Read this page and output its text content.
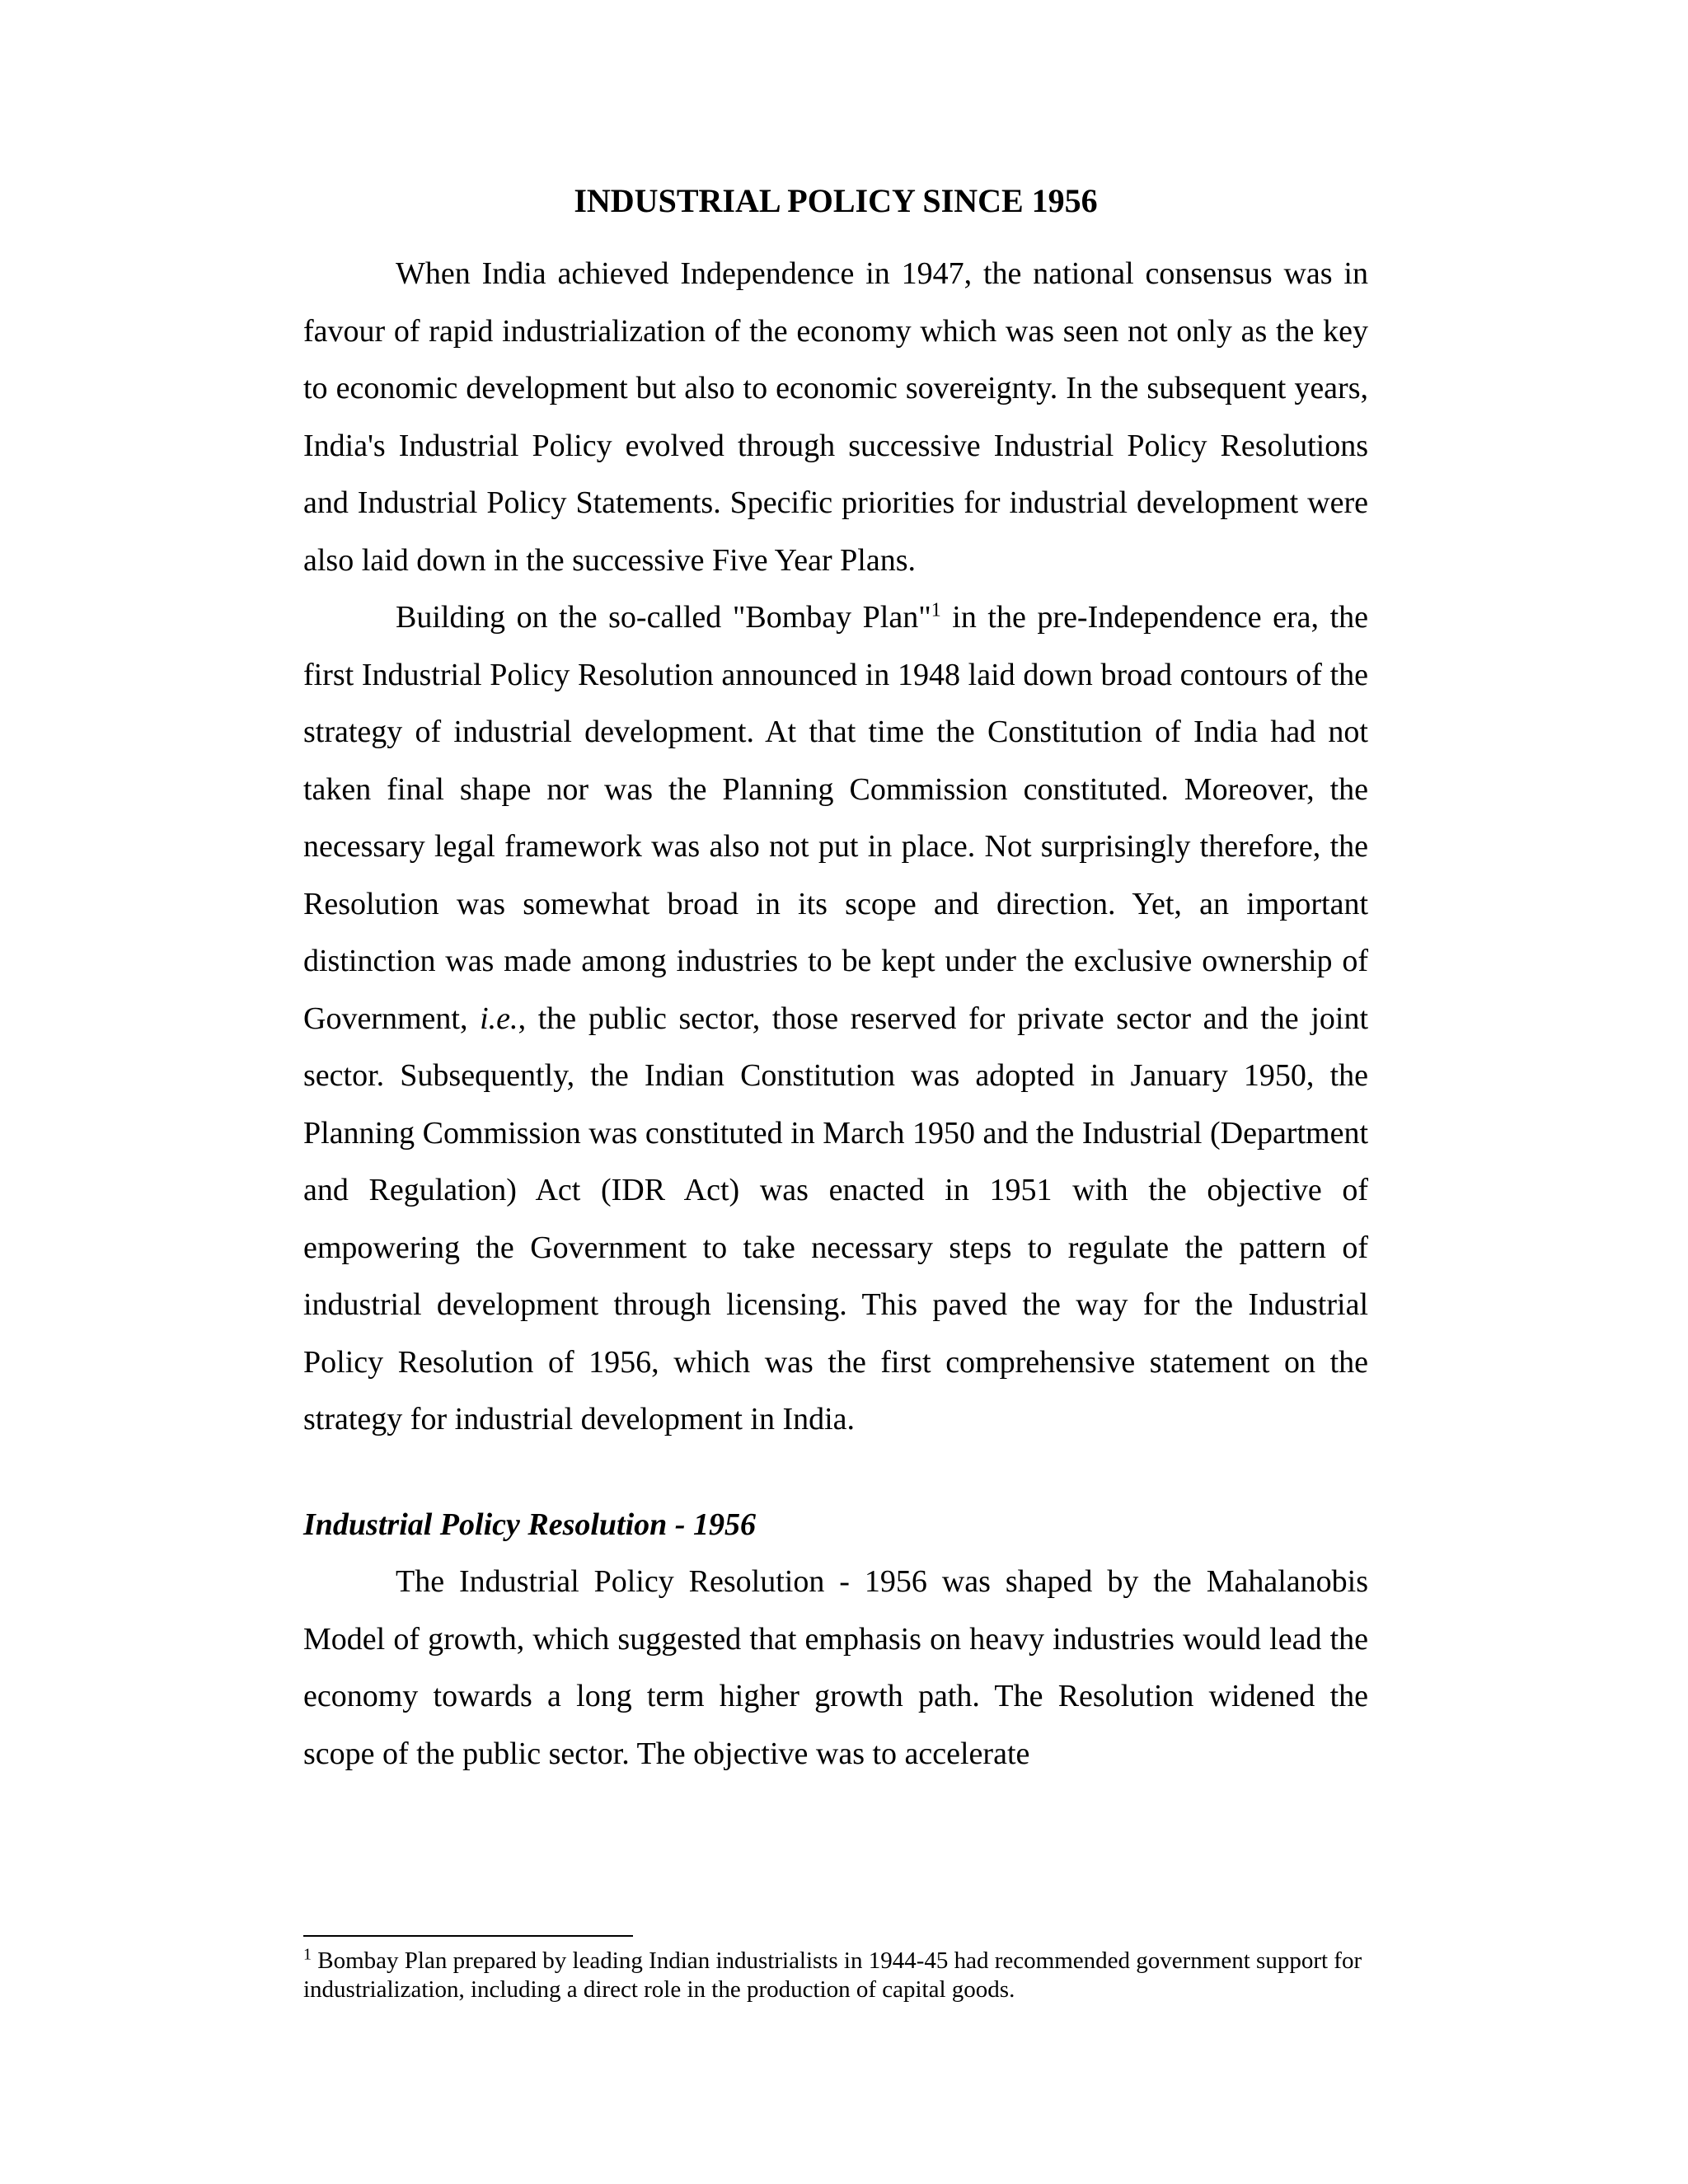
INDUSTRIAL POLICY SINCE 1956

When India achieved Independence in 1947, the national consensus was in favour of rapid industrialization of the economy which was seen not only as the key to economic development but also to economic sovereignty. In the subsequent years, India's Industrial Policy evolved through successive Industrial Policy Resolutions and Industrial Policy Statements. Specific priorities for industrial development were also laid down in the successive Five Year Plans.

Building on the so-called "Bombay Plan"$^1$ in the pre-Independence era, the first Industrial Policy Resolution announced in 1948 laid down broad contours of the strategy of industrial development. At that time the Constitution of India had not taken final shape nor was the Planning Commission constituted. Moreover, the necessary legal framework was also not put in place. Not surprisingly therefore, the Resolution was somewhat broad in its scope and direction. Yet, an important distinction was made among industries to be kept under the exclusive ownership of Government, i.e., the public sector, those reserved for private sector and the joint sector. Subsequently, the Indian Constitution was adopted in January 1950, the Planning Commission was constituted in March 1950 and the Industrial (Department and Regulation) Act (IDR Act) was enacted in 1951 with the objective of empowering the Government to take necessary steps to regulate the pattern of industrial development through licensing. This paved the way for the Industrial Policy Resolution of 1956, which was the first comprehensive statement on the strategy for industrial development in India.

Industrial Policy Resolution - 1956

The Industrial Policy Resolution - 1956 was shaped by the Mahalanobis Model of growth, which suggested that emphasis on heavy industries would lead the economy towards a long term higher growth path. The Resolution widened the scope of the public sector. The objective was to accelerate

$^1$ Bombay Plan prepared by leading Indian industrialists in 1944-45 had recommended government support for industrialization, including a direct role in the production of capital goods.
